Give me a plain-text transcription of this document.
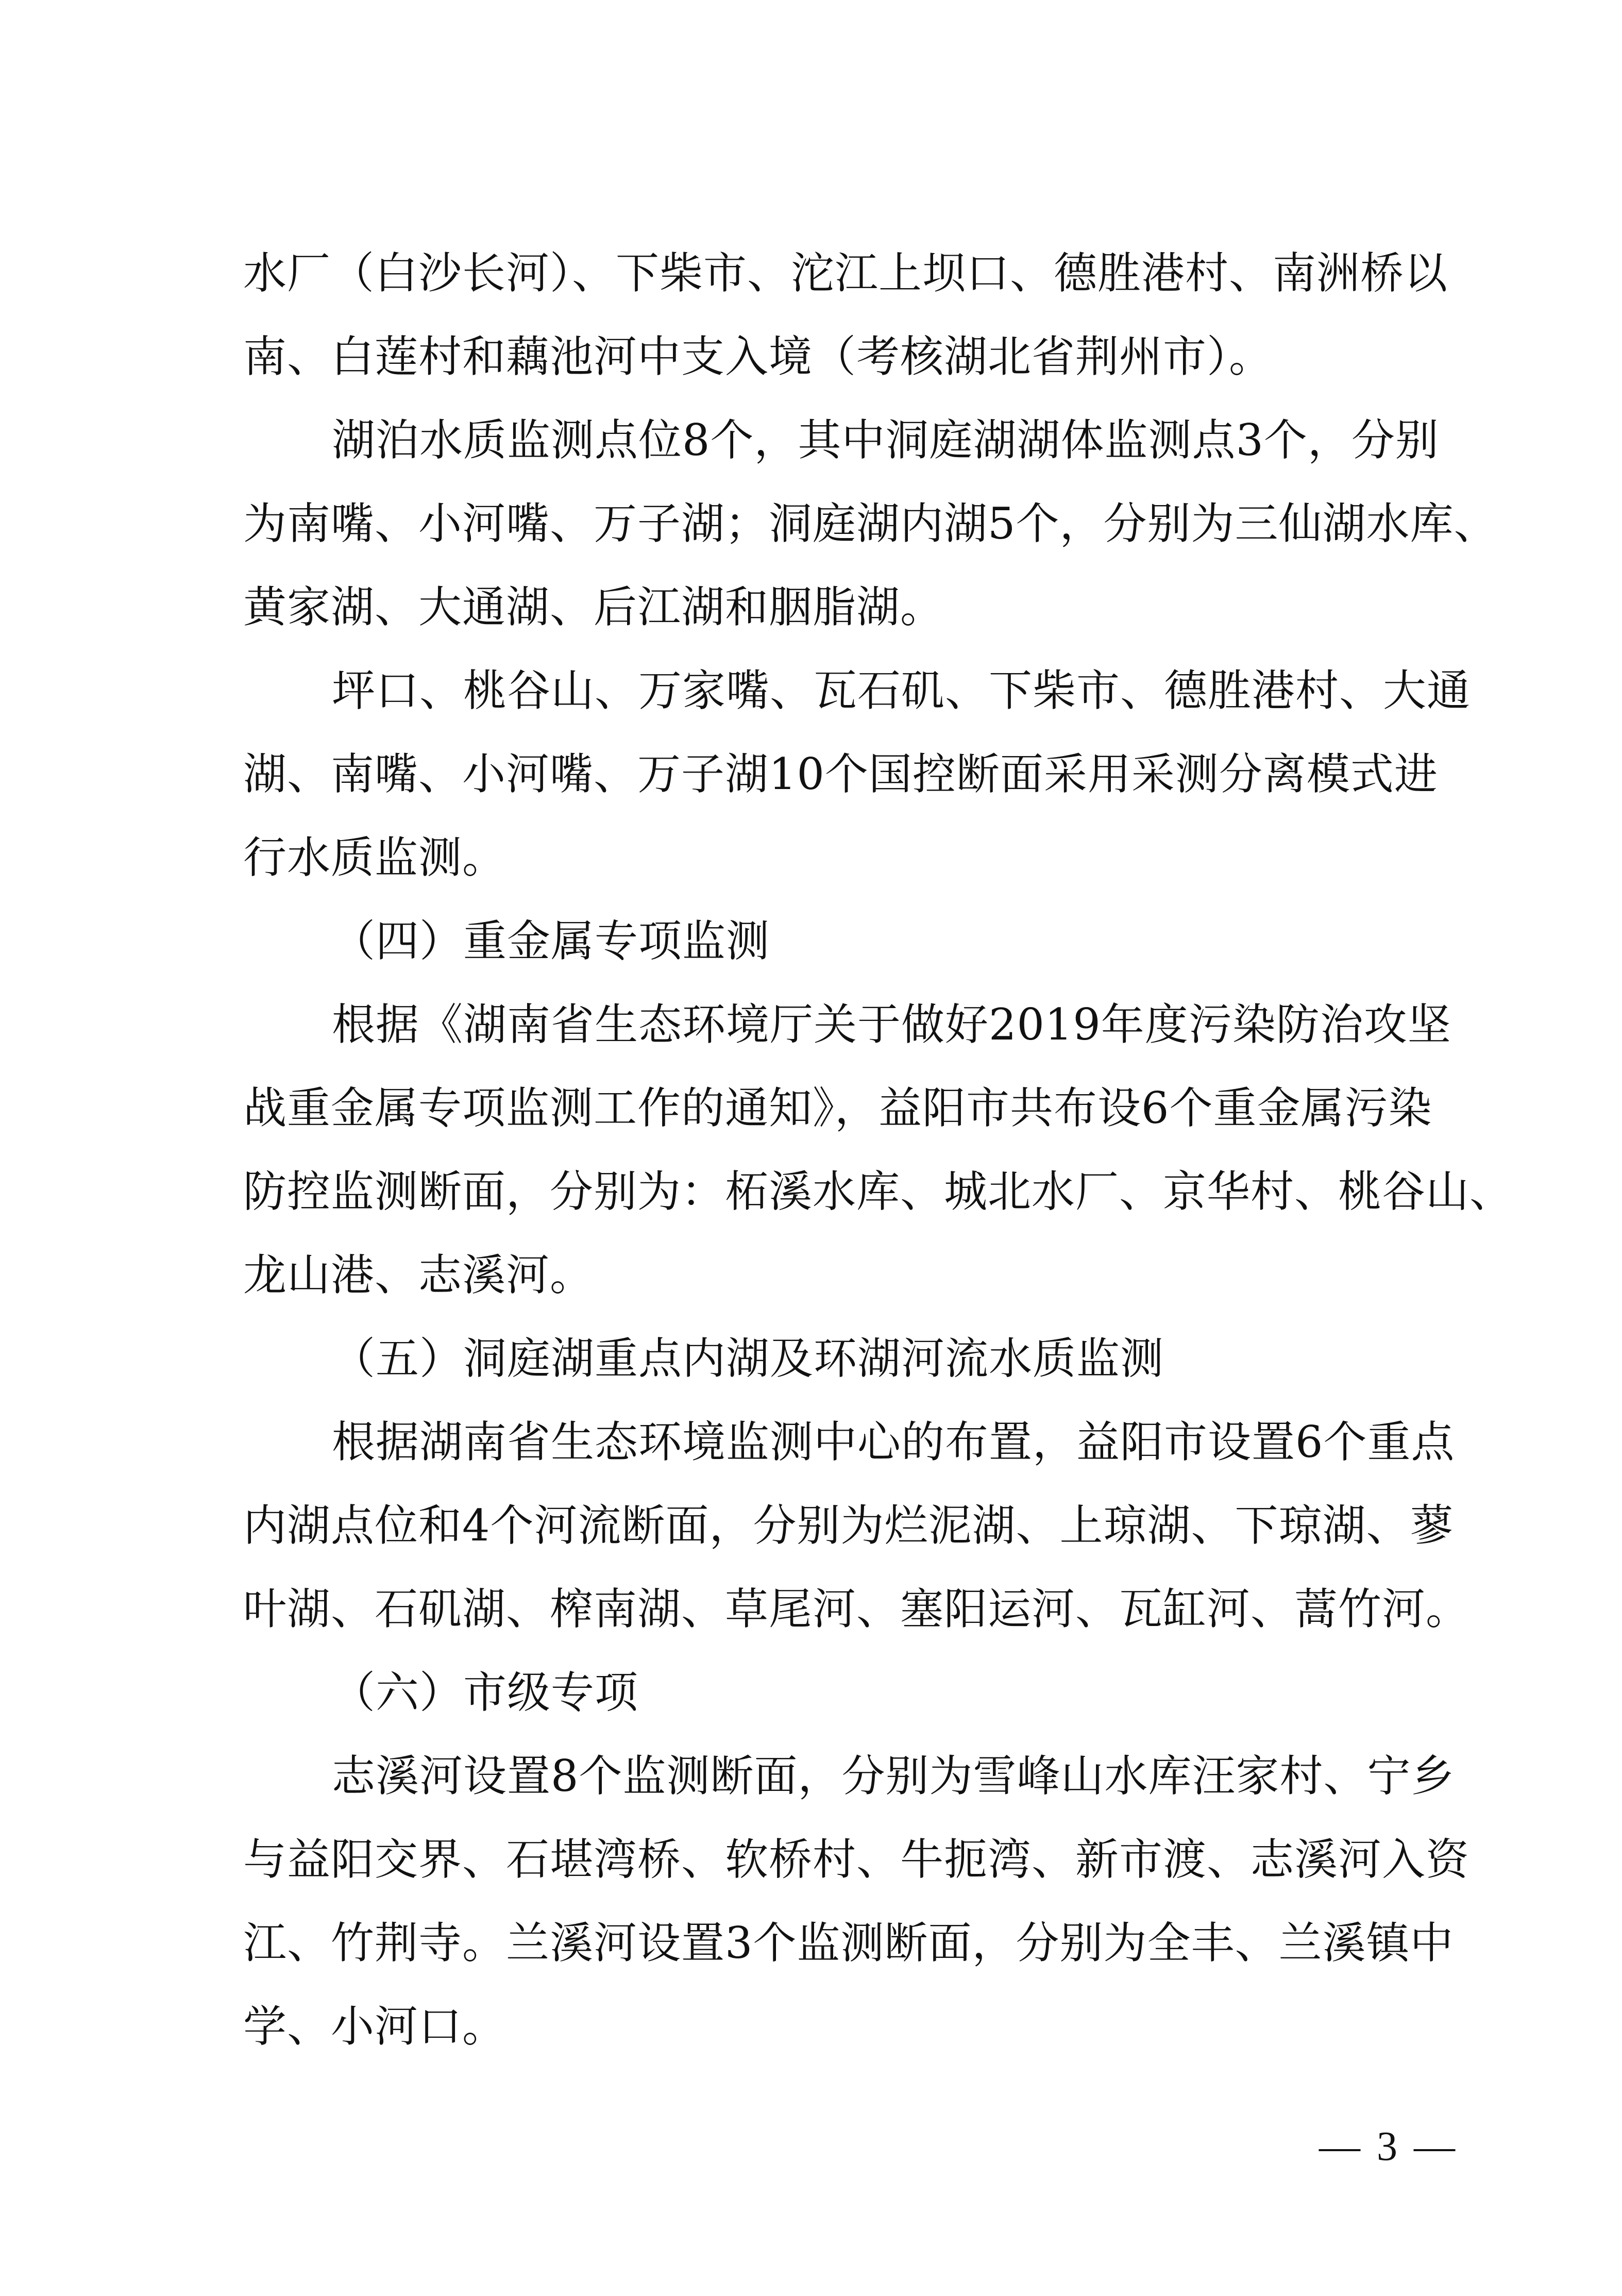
水厂（白沙长河）、下柴市、沱江上坝口、德胜港村、南洲桥以
南、白莲村和藕池河中支入境（考核湖北省荆州市）。
湖泊水质监测点位8个，其中洞庭湖湖体监测点3个，分别
为南嘴、小河嘴、万子湖；洞庭湖内湖5个，分别为三仙湖水库、
黄家湖、大通湖、后江湖和胭脂湖。
坪口、桃谷山、万家嘴、瓦石矶、下柴市、德胜港村、大通
湖、南嘴、小河嘴、万子湖10个国控断面采用采测分离模式进
行水质监测。
（四）重金属专项监测
根据《湖南省生态环境厅关于做好2019年度污染防治攻坚
战重金属专项监测工作的通知》，益阳市共布设6个重金属污染
防控监测断面，分别为：柘溪水库、城北水厂、京华村、桃谷山、
龙山港、志溪河。
（五）洞庭湖重点内湖及环湖河流水质监测
根据湖南省生态环境监测中心的布置，益阳市设置6个重点
内湖点位和4个河流断面，分别为烂泥湖、上琼湖、下琼湖、蓼
叶湖、石矶湖、榨南湖、草尾河、塞阳运河、瓦缸河、蒿竹河。
（六）市级专项
志溪河设置8个监测断面，分别为雪峰山水库汪家村、宁乡
与益阳交界、石堪湾桥、软桥村、牛扼湾、新市渡、志溪河入资
江、竹荆寺。兰溪河设置3个监测断面，分别为全丰、兰溪镇中
学、小河口。
— 3 —
